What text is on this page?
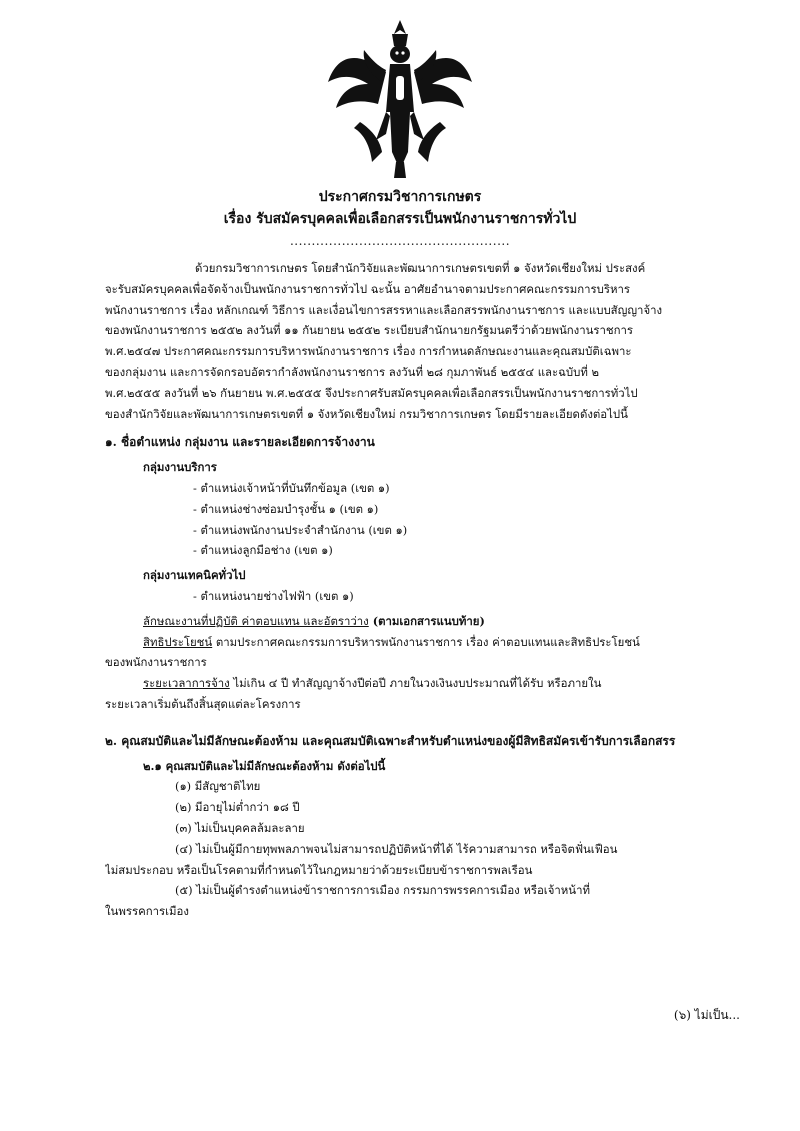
ประกาศกรมวิชาการเกษตร
เรื่อง รับสมัครบุคคลเพื่อเลือกสรรเป็นพนักงานราชการทั่วไป
...................................................
ด้วยกรมวิชาการเกษตร โดยสำนักวิจัยและพัฒนาการเกษตรเขตที่ ๑ จังหวัดเชียงใหม่ ประสงค์
จะรับสมัครบุคคลเพื่อจัดจ้างเป็นพนักงานราชการทั่วไป ฉะนั้น อาศัยอำนาจตามประกาศคณะกรรมการบริหาร
พนักงานราชการ เรื่อง หลักเกณฑ์ วิธีการ และเงื่อนไขการสรรหาและเลือกสรรพนักงานราชการ และแบบสัญญาจ้าง
ของพนักงานราชการ ๒๕๕๒ ลงวันที่ ๑๑ กันยายน ๒๕๕๒ ระเบียบสำนักนายกรัฐมนตรีว่าด้วยพนักงานราชการ
พ.ศ.๒๕๔๗ ประกาศคณะกรรมการบริหารพนักงานราชการ เรื่อง การกำหนดลักษณะงานและคุณสมบัติเฉพาะ
ของกลุ่มงาน และการจัดกรอบอัตรากำลังพนักงานราชการ ลงวันที่ ๒๘ กุมภาพันธ์ ๒๕๕๔ และฉบับที่ ๒
พ.ศ.๒๕๕๕ ลงวันที่ ๒๖ กันยายน พ.ศ.๒๕๕๕ จึงประกาศรับสมัครบุคคลเพื่อเลือกสรรเป็นพนักงานราชการทั่วไป
ของสำนักวิจัยและพัฒนาการเกษตรเขตที่ ๑ จังหวัดเชียงใหม่ กรมวิชาการเกษตร โดยมีรายละเอียดดังต่อไปนี้
๑. ชื่อตำแหน่ง กลุ่มงาน และรายละเอียดการจ้างงาน
กลุ่มงานบริการ
- ตำแหน่งเจ้าหน้าที่บันทึกข้อมูล (เขต ๑)
- ตำแหน่งช่างซ่อมบำรุงชั้น ๑ (เขต ๑)
- ตำแหน่งพนักงานประจำสำนักงาน (เขต ๑)
- ตำแหน่งลูกมือช่าง (เขต ๑)
กลุ่มงานเทคนิคทั่วไป
- ตำแหน่งนายช่างไฟฟ้า (เขต ๑)
ลักษณะงานที่ปฏิบัติ ค่าตอบแทน และอัตราว่าง (ตามเอกสารแนบท้าย)
สิทธิประโยชน์ ตามประกาศคณะกรรมการบริหารพนักงานราชการ เรื่อง ค่าตอบแทนและสิทธิประโยชน์
ของพนักงานราชการ
ระยะเวลาการจ้าง ไม่เกิน ๔ ปี ทำสัญญาจ้างปีต่อปี ภายในวงเงินงบประมาณที่ได้รับ หรือภายใน
ระยะเวลาเริ่มต้นถึงสิ้นสุดแต่ละโครงการ
๒. คุณสมบัติและไม่มีลักษณะต้องห้าม และคุณสมบัติเฉพาะสำหรับตำแหน่งของผู้มีสิทธิสมัครเข้ารับการเลือกสรร
๒.๑ คุณสมบัติและไม่มีลักษณะต้องห้าม ดังต่อไปนี้
(๑) มีสัญชาติไทย
(๒) มีอายุไม่ต่ำกว่า ๑๘ ปี
(๓) ไม่เป็นบุคคลล้มละลาย
(๔) ไม่เป็นผู้มีกายทุพพลภาพจนไม่สามารถปฏิบัติหน้าที่ได้ ไร้ความสามารถ หรือจิตฟั่นเฟือน
ไม่สมประกอบ หรือเป็นโรคตามที่กำหนดไว้ในกฎหมายว่าด้วยระเบียบข้าราชการพลเรือน
(๕) ไม่เป็นผู้ดำรงตำแหน่งข้าราชการการเมือง กรรมการพรรคการเมือง หรือเจ้าหน้าที่
ในพรรคการเมือง
(๖) ไม่เป็น...
